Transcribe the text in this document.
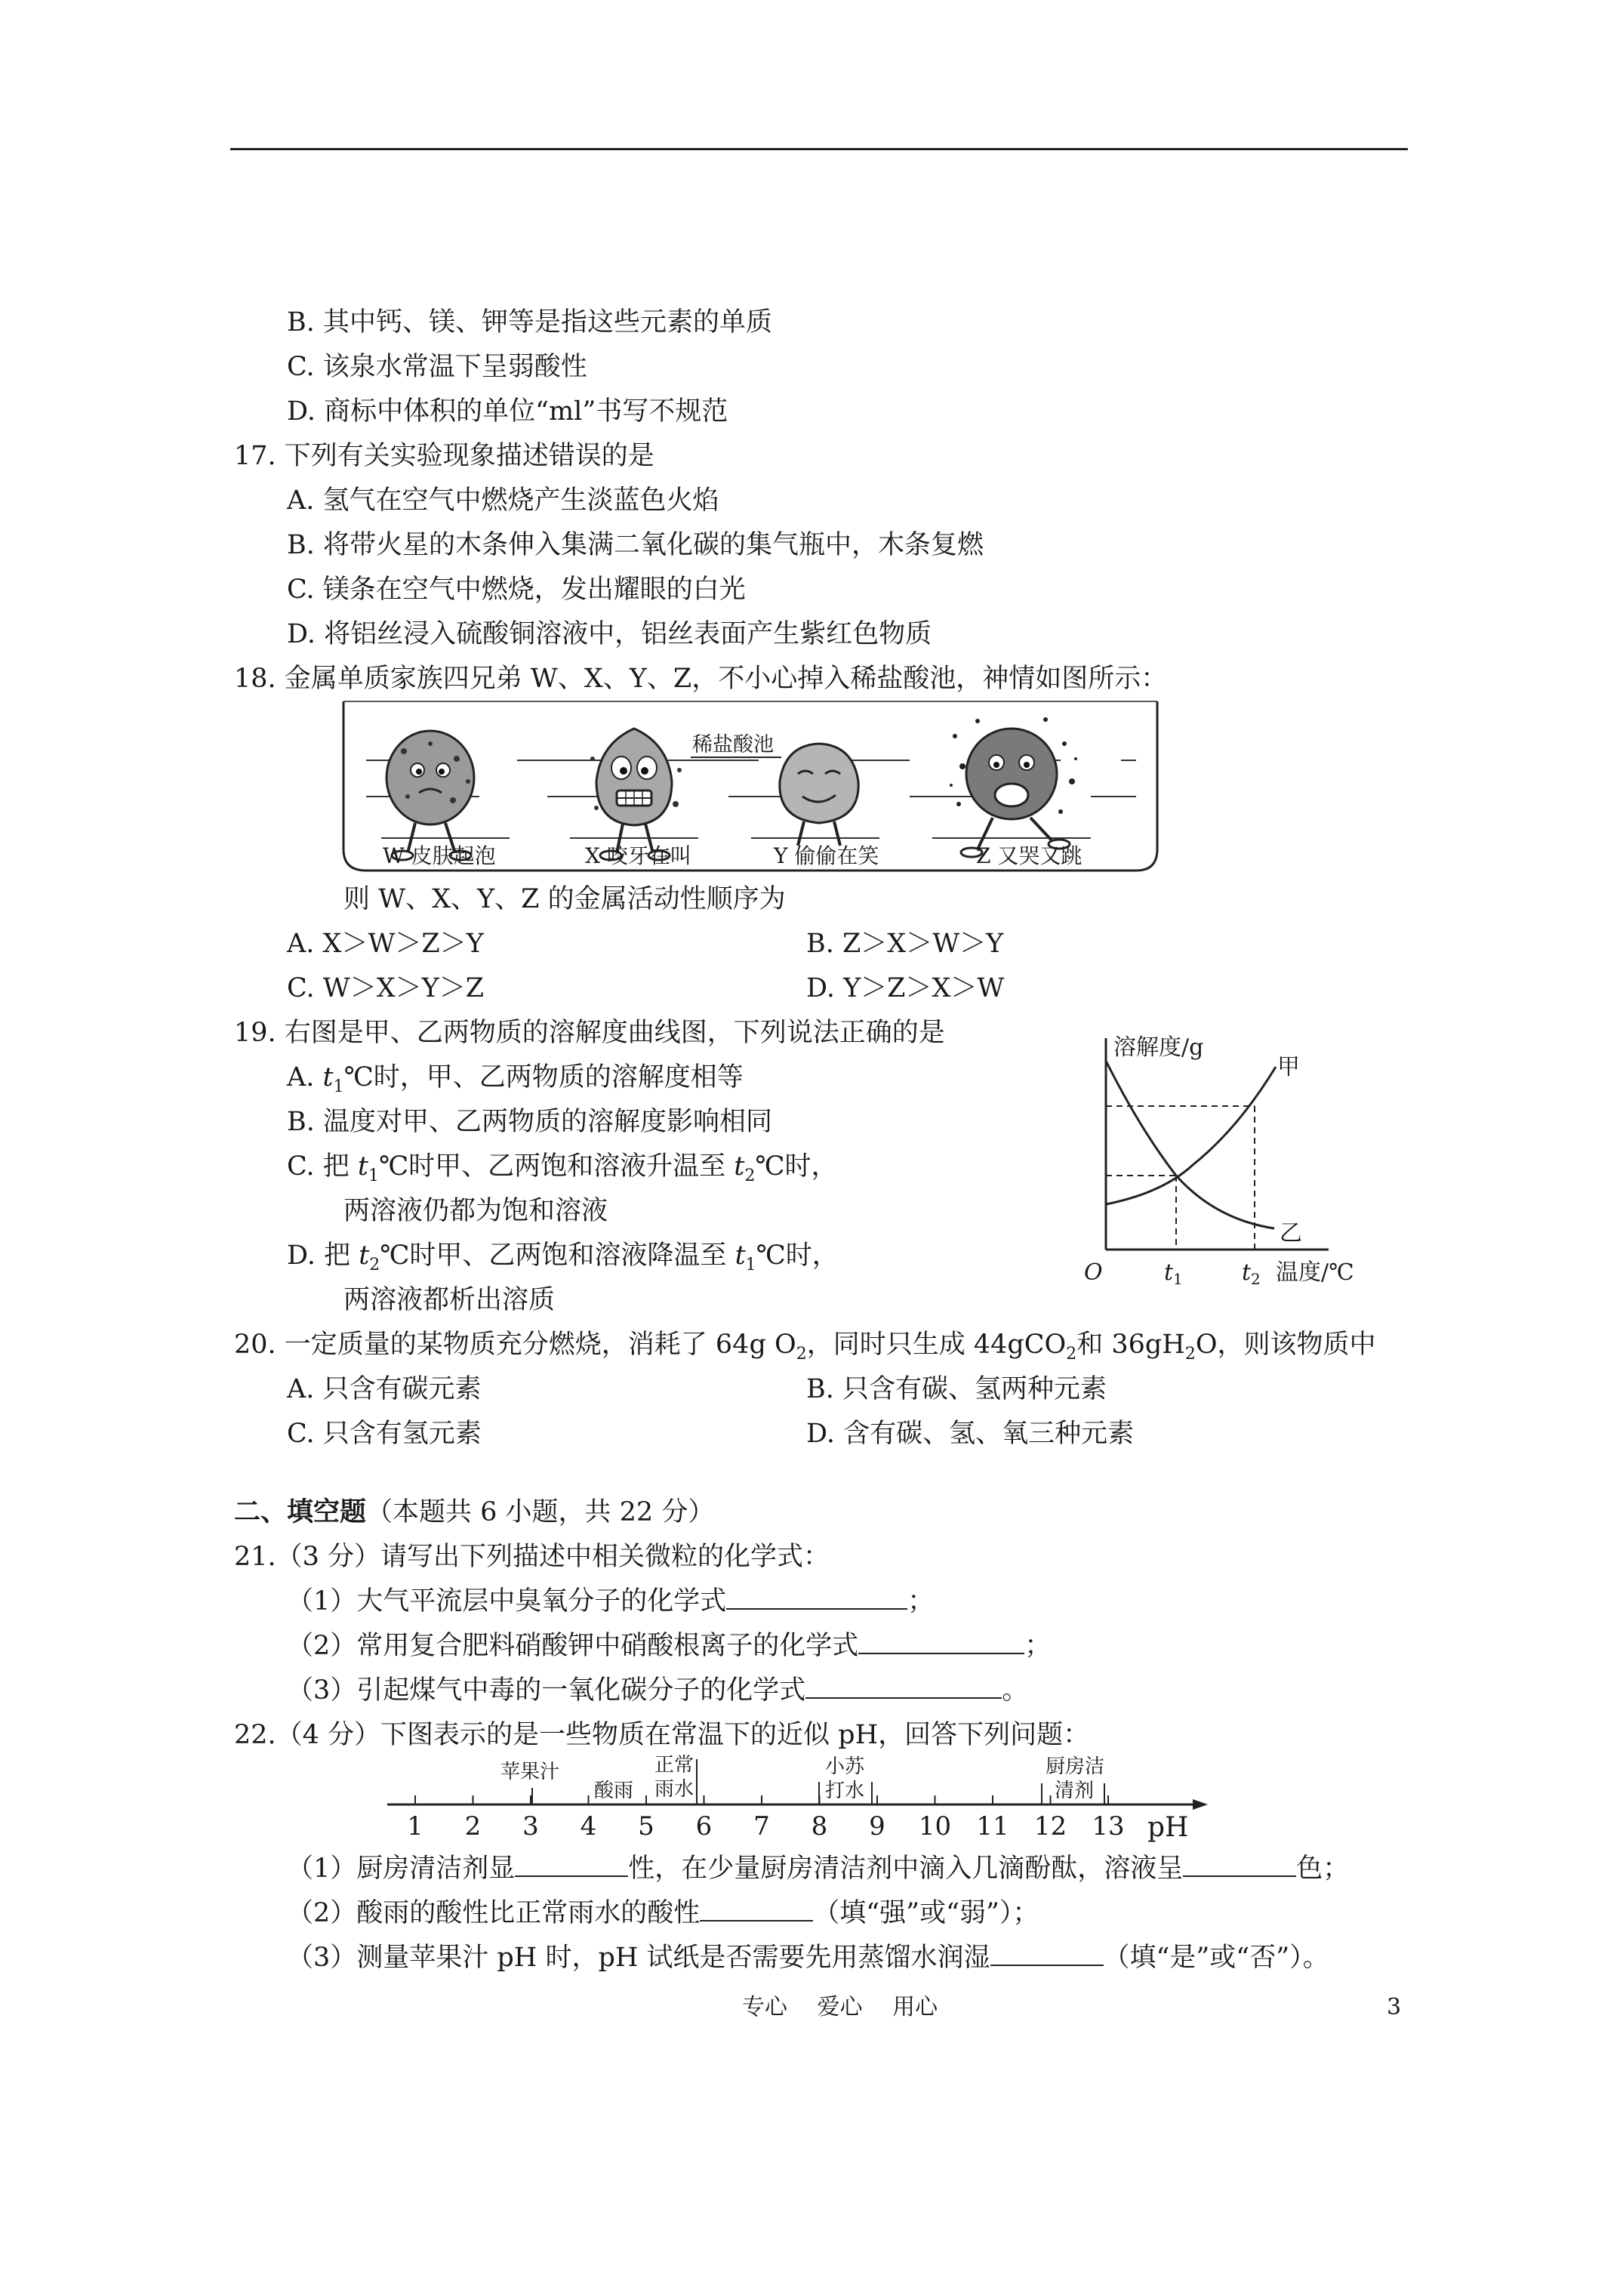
B. 其中钙、镁、钾等是指这些元素的单质
C. 该泉水常温下呈弱酸性
D. 商标中体积的单位“ml”书写不规范
17. 下列有关实验现象描述错误的是
A. 氢气在空气中燃烧产生淡蓝色火焰
B. 将带火星的木条伸入集满二氧化碳的集气瓶中，木条复燃
C. 镁条在空气中燃烧，发出耀眼的白光
D. 将铝丝浸入硫酸铜溶液中，铝丝表面产生紫红色物质
18. 金属单质家族四兄弟 W、X、Y、Z，不小心掉入稀盐酸池，神情如图所示：
稀盐酸池
W 皮肤起泡	X 咬牙在叫	Y 偷偷在笑	Z 又哭又跳
则 W、X、Y、Z 的金属活动性顺序为
A. X＞W＞Z＞Y	B. Z＞X＞W＞Y
C. W＞X＞Y＞Z	D. Y＞Z＞X＞W
19. 右图是甲、乙两物质的溶解度曲线图，下列说法正确的是
A. $t_1℃$时，甲、乙两物质的溶解度相等
B. 温度对甲、乙两物质的溶解度影响相同
C. 把 $t_1℃$时甲、乙两饱和溶液升温至 $t_2℃$时，
两溶液仍都为饱和溶液
D. 把 $t_2℃$时甲、乙两饱和溶液降温至 $t_1℃$时，
两溶液都析出溶质
溶解度/g
O	t 1	t 2 温度/℃
甲
乙
20. 一定质量的某物质充分燃烧，消耗了 64g $O_2$，同时只生成 44gCO$_2$和 $36gH_2O$，则该物质中
A. 只含有碳元素	B. 只含有碳、氢两种元素
C. 只含有氢元素	D. 含有碳、氢、氧三种元素
二、填空题（本题共 6 小题，共 22 分）
21.（3 分）请写出下列描述中相关微粒的化学式：
（1）大气平流层中臭氧分子的化学式	；
（2）常用复合肥料硝酸钾中硝酸根离子的化学式	；
（3）引起煤气中毒的一氧化碳分子的化学式	。
22.（4 分）下图表示的是一些物质在常温下的近似 pH，回答下列问题：
1 2 3 4 5 6 7 8 9 10 11 12 13 pH
苹果汁
酸雨
正常
雨水
小苏
打水
厨房洁
清剂
（1）厨房清洁剂显	性，在少量厨房清洁剂中滴入几滴酚酞，溶液呈	色；
（2）酸雨的酸性比正常雨水的酸性	（填“强”或“弱”）；
（3）测量苹果汁 pH 时，pH 试纸是否需要先用蒸馏水润湿	（填“是”或“否”）。
专心　 爱心　 用心	3
